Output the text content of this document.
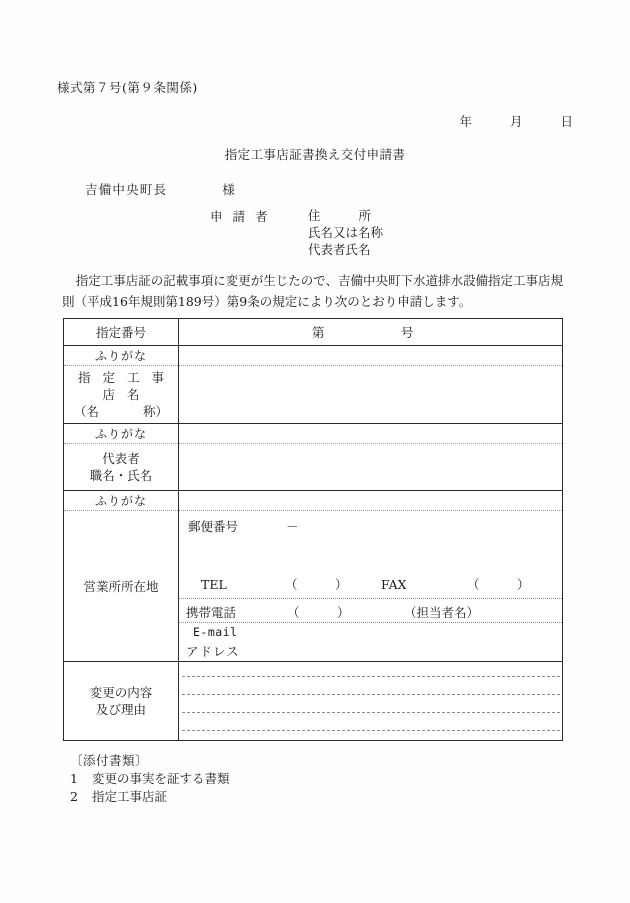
様式第７号(第９条関係)
年	月	日
指定工事店証書換え交付申請書
吉備中央町長	様
申 請 者	住	所
氏名又は名称
代表者氏名
指定工事店証の記載事項に変更が生じたので、吉備中央町下水道排水設備指定工事店規則（平成16年規則第189号）第9条の規定により次のとおり申請します。
指定番号	第 号

ふりがな	

指 定 工 事 店 名
（名 称）	

ふりがな	

代表者
職名・氏名	

ふりがな	

営業所所在地

郵便番号	－
TEL	（　　　）	FAX	（　　　）
携帯電話	（　　　）	（担当者名）
E-mail
アドレス

変更の内容
及び理由	

〔添付書類〕
1 変更の事実を証する書類
2 指定工事店証
